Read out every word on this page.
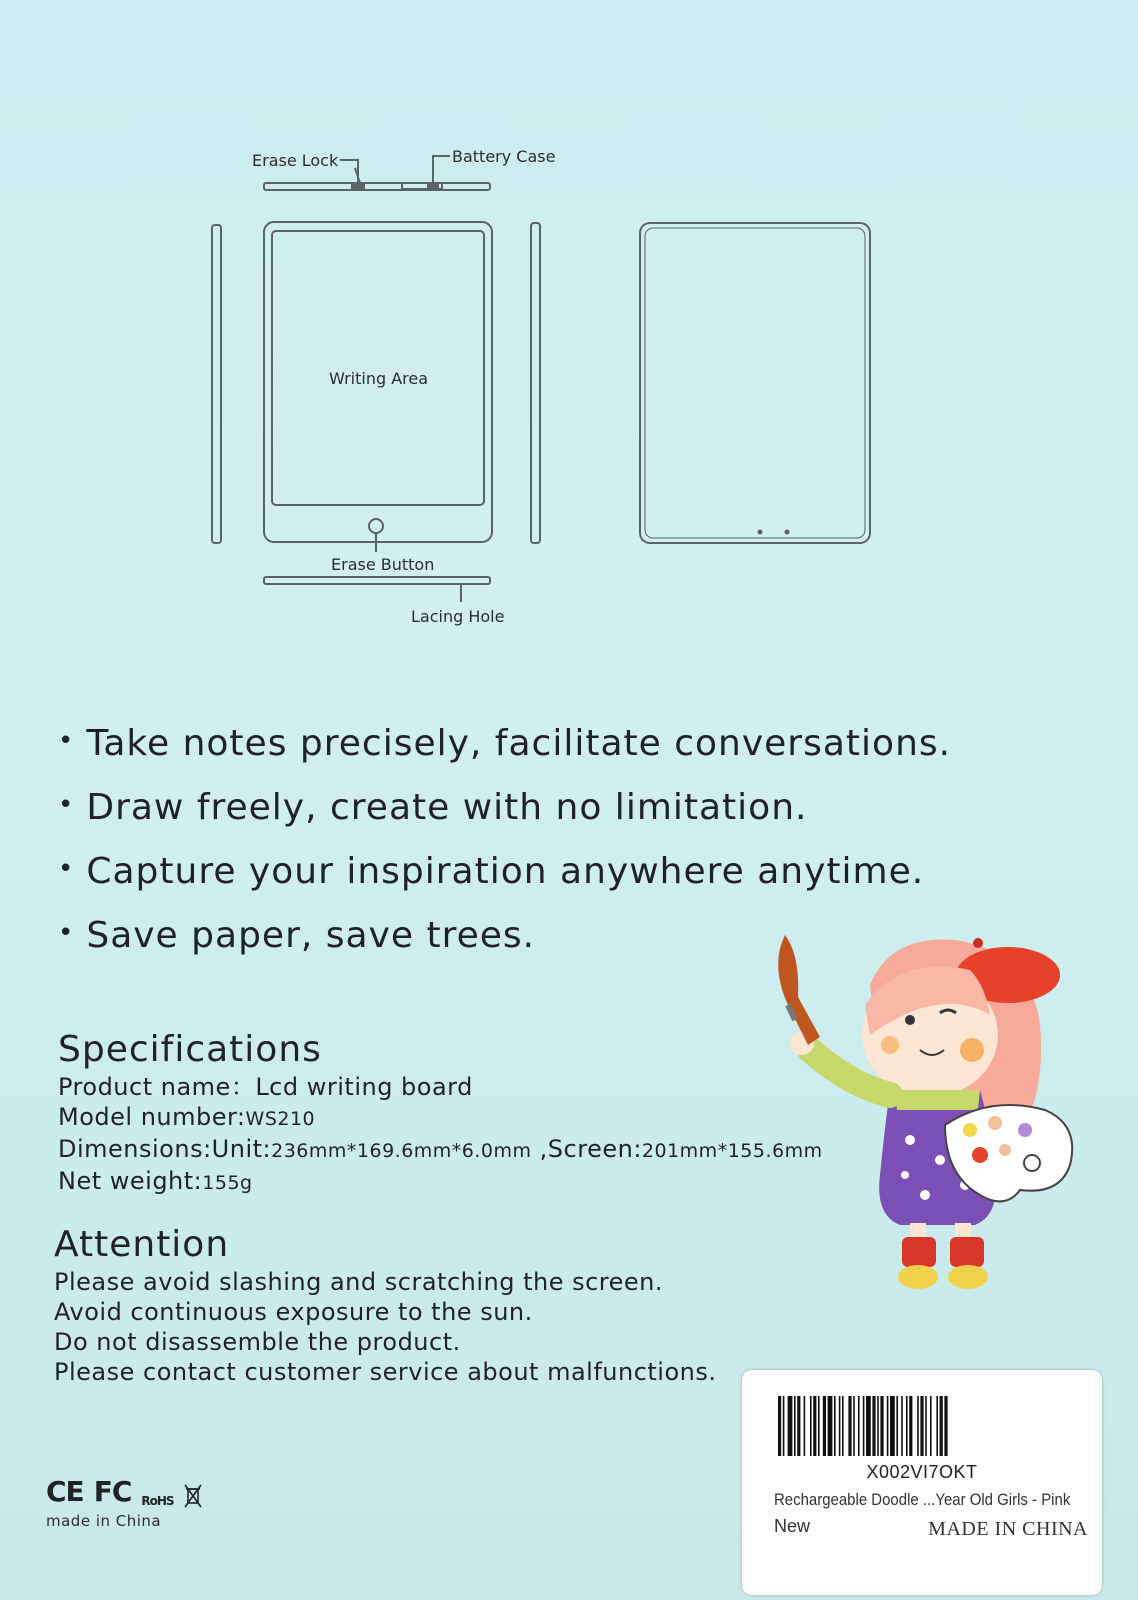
Erase Lock	Battery Case
Writing Area
Erase Button
Lacing Hole
• Take notes precisely, facilitate conversations.
• Draw freely, create with no limitation.
• Capture your inspiration anywhere anytime.
• Save paper, save trees.
Specifications
Product name：Lcd writing board
Model number:WS210
Dimensions:Unit:236mm*169.6mm*6.0mm ,Screen:201mm*155.6mm
Net weight:155g
Attention
Please avoid slashing and scratching the screen.
Avoid continuous exposure to the sun.
Do not disassemble the product.
Please contact customer service about malfunctions.
CE FC RoHS
made in China
X002VI7OKT
Rechargeable Doodle ...Year Old Girls - Pink
New	MADE IN CHINA
